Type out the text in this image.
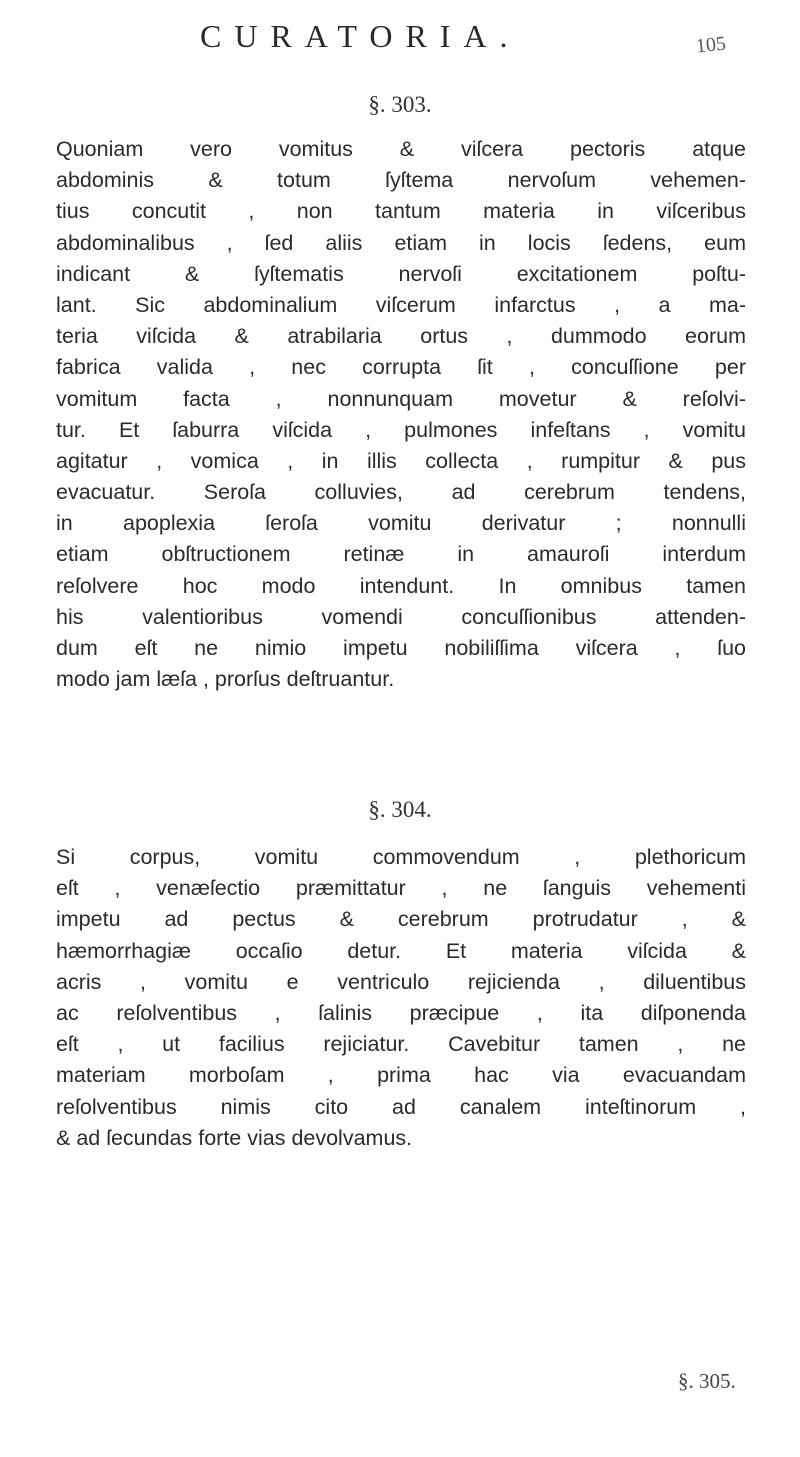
CURATORIA.	105
§. 303.
Quoniam vero vomitus & viſcera pectoris atque
abdominis & totum ſyſtema nervoſum vehemen-
tius concutit , non tantum materia in viſceribus
abdominalibus , ſed aliis etiam in locis ſedens, eum
indicant & ſyſtematis nervoſi excitationem poſtu-
lant. Sic abdominalium viſcerum infarctus , a ma-
teria viſcida & atrabilaria ortus , dummodo eorum
fabrica valida , nec corrupta ſit , concuſſione per
vomitum facta , nonnunquam movetur & reſolvi-
tur. Et ſaburra viſcida , pulmones infeſtans , vomitu
agitatur , vomica , in illis collecta , rumpitur & pus
evacuatur. Seroſa colluvies, ad cerebrum tendens,
in apoplexia ſeroſa vomitu derivatur ; nonnulli
etiam obſtructionem retinæ in amauroſi interdum
reſolvere hoc modo intendunt. In omnibus tamen
his valentioribus vomendi concuſſionibus attenden-
dum eſt ne nimio impetu nobiliſſima viſcera , ſuo
modo jam læſa , prorſus deſtruantur.
§. 304.
Si corpus, vomitu commovendum , plethoricum
eſt , venæſectio præmittatur , ne ſanguis vehementi
impetu ad pectus & cerebrum protrudatur , &
hæmorrhagiæ occaſio detur. Et materia viſcida &
acris , vomitu e ventriculo rejicienda , diluentibus
ac reſolventibus , ſalinis præcipue , ita diſponenda
eſt , ut facilius rejiciatur. Cavebitur tamen , ne
materiam morboſam , prima hac via evacuandam
reſolventibus nimis cito ad canalem inteſtinorum ,
& ad ſecundas forte vias devolvamus.
§. 305.
